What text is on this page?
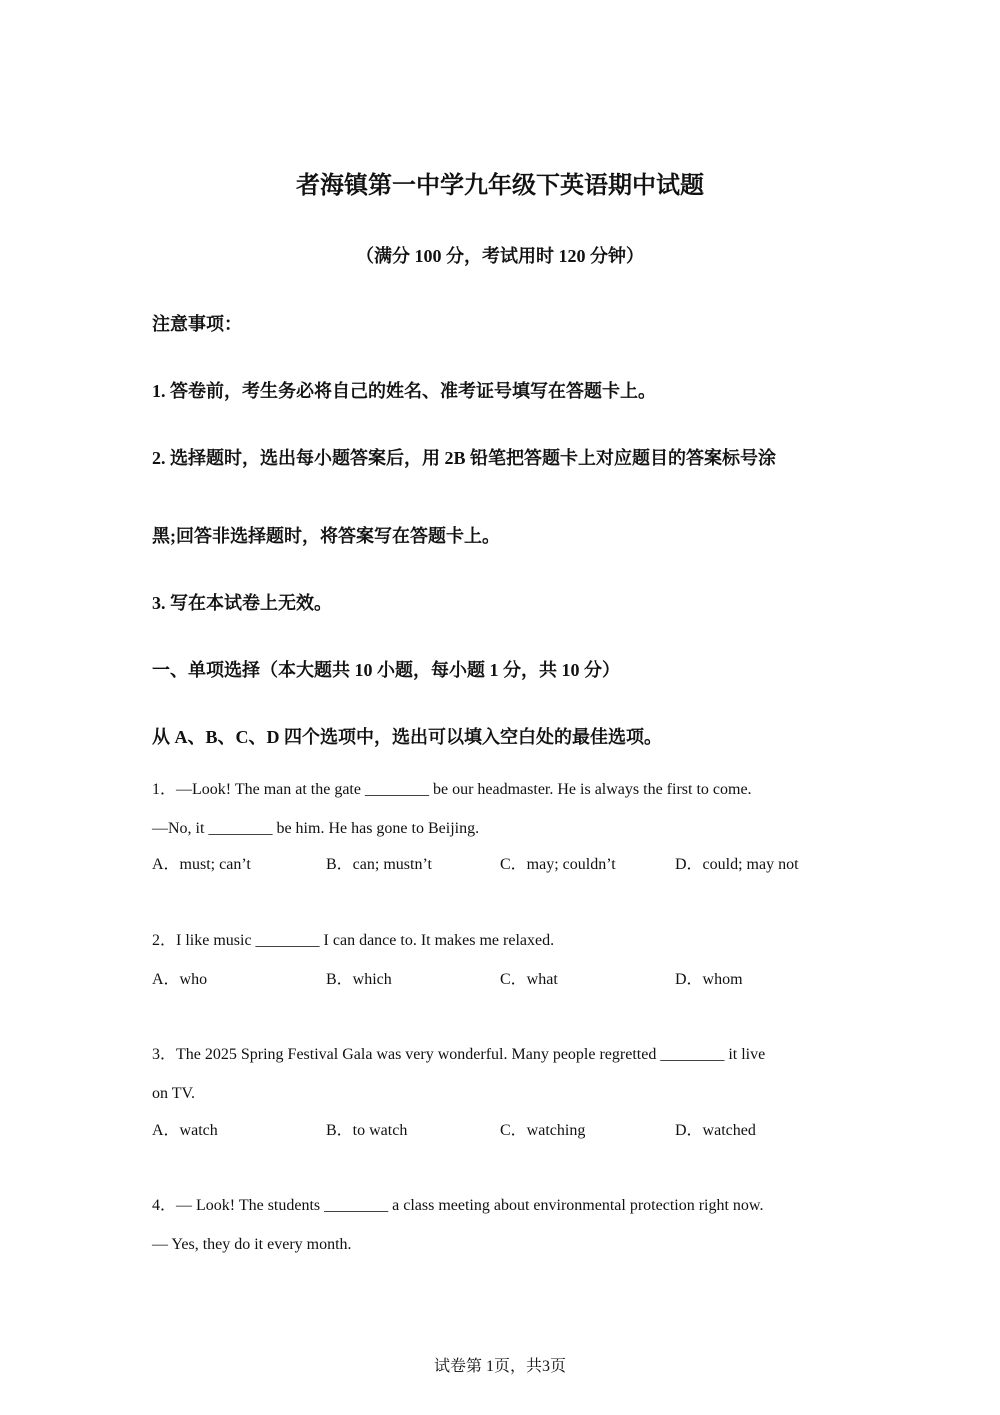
者海镇第一中学九年级下英语期中试题
（满分 100 分，考试用时 120 分钟）
注意事项：
1. 答卷前，考生务必将自己的姓名、准考证号填写在答题卡上。
2. 选择题时，选出每小题答案后，用 2B 铅笔把答题卡上对应题目的答案标号涂
黑;回答非选择题时，将答案写在答题卡上。
3. 写在本试卷上无效。
一、单项选择（本大题共 10 小题，每小题 1 分，共 10 分）
从 A、B、C、D 四个选项中，选出可以填入空白处的最佳选项。
1．—Look! The man at the gate ________ be our headmaster. He is always the first to come.
—No, it ________ be him. He has gone to Beijing.
A．must; can’t	B．can; mustn’t	C．may; couldn’t	D．could; may not
2．I like music ________ I can dance to. It makes me relaxed.
A．who	B．which	C．what	D．whom
3．The 2025 Spring Festival Gala was very wonderful. Many people regretted ________ it live
on TV.
A．watch	B．to watch	C．watching	D．watched
4．— Look! The students ________ a class meeting about environmental protection right now.
— Yes, they do it every month.
试卷第 1页，共3页
